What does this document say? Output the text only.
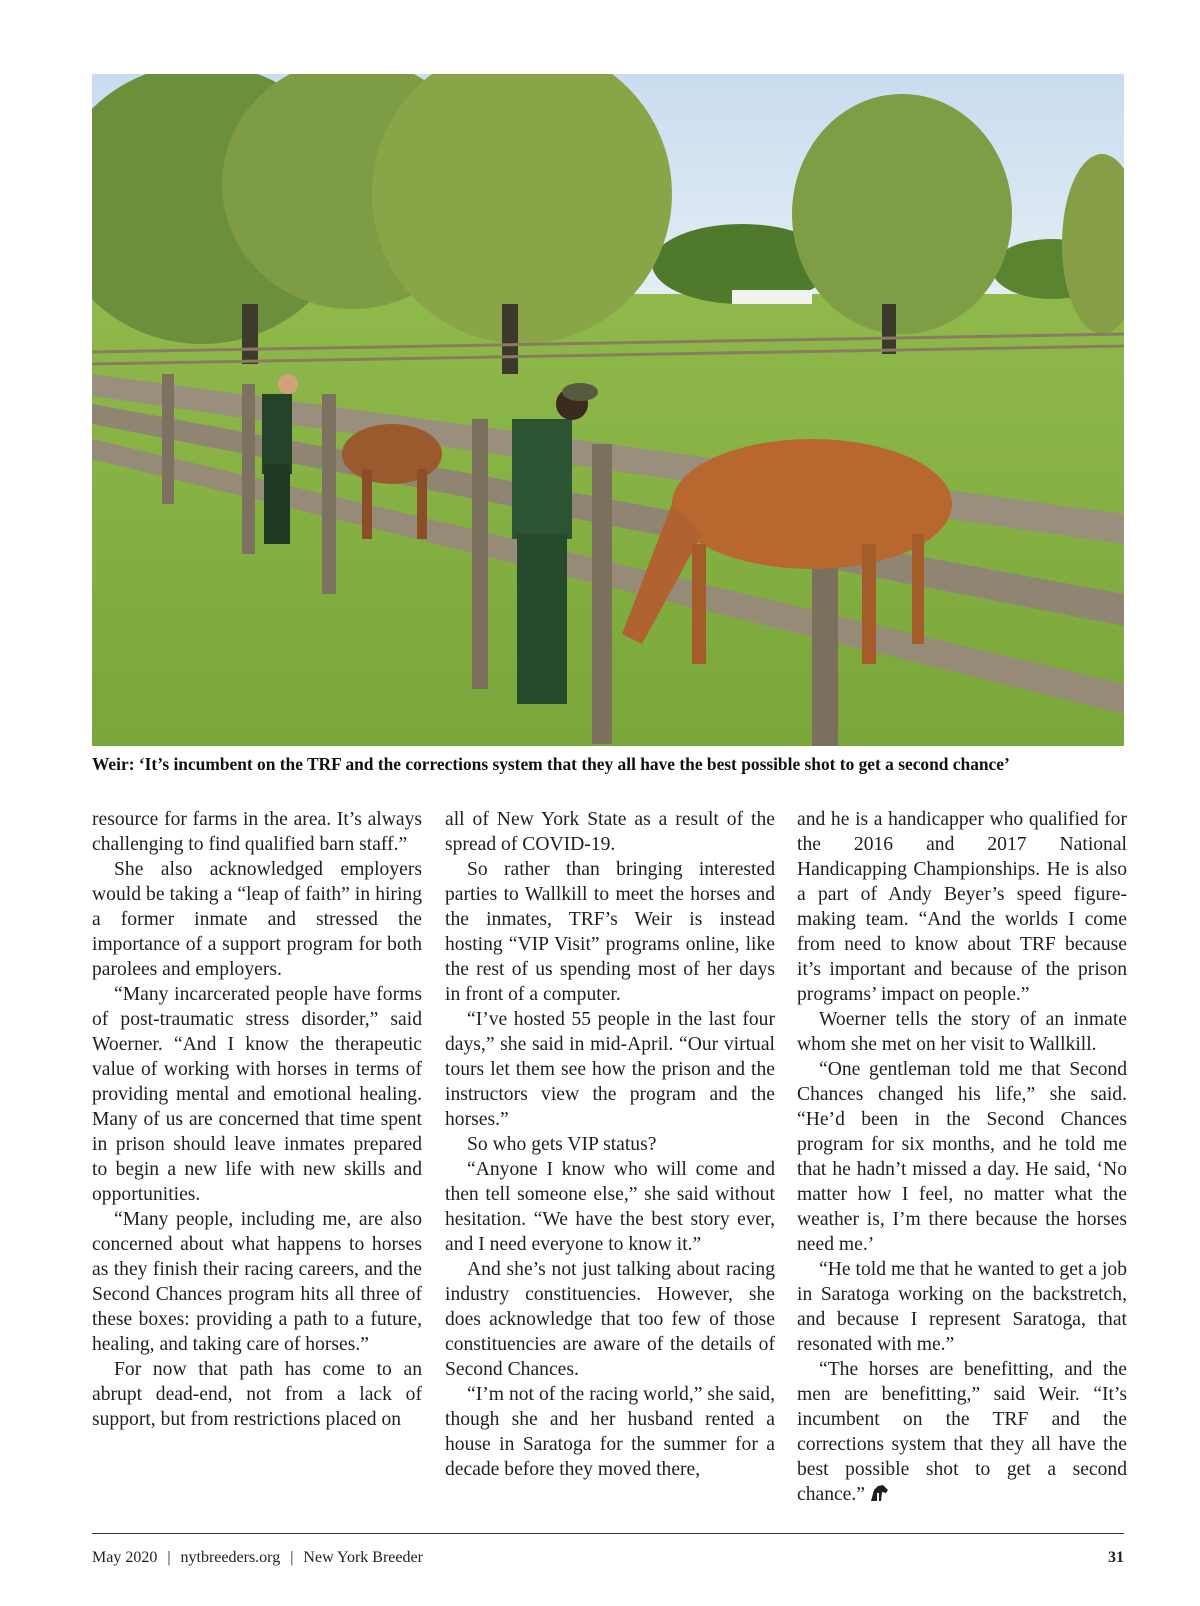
Weir: ‘It’s incumbent on the TRF and the corrections system that they all have the best possible shot to get a second chance’

resource for farms in the area. It’s always challenging to find qualified barn staff.”

She also acknowledged employers would be taking a “leap of faith” in hiring a former inmate and stressed the importance of a support program for both parolees and employers.

“Many incarcerated people have forms of post-traumatic stress disorder,” said Woerner. “And I know the therapeutic value of working with horses in terms of providing mental and emotional healing. Many of us are concerned that time spent in prison should leave inmates prepared to begin a new life with new skills and opportunities.

“Many people, including me, are also concerned about what happens to horses as they finish their racing careers, and the Second Chances program hits all three of these boxes: providing a path to a future, healing, and taking care of horses.”

For now that path has come to an abrupt dead-end, not from a lack of support, but from restrictions placed on

all of New York State as a result of the spread of COVID-19.

So rather than bringing interested parties to Wallkill to meet the horses and the inmates, TRF’s Weir is instead hosting “VIP Visit” programs online, like the rest of us spending most of her days in front of a computer.

“I’ve hosted 55 people in the last four days,” she said in mid-April. “Our virtual tours let them see how the prison and the instructors view the program and the horses.”

So who gets VIP status?

“Anyone I know who will come and then tell someone else,” she said without hesitation. “We have the best story ever, and I need everyone to know it.”

And she’s not just talking about racing industry constituencies. However, she does acknowledge that too few of those constituencies are aware of the details of Second Chances.

“I’m not of the racing world,” she said, though she and her husband rented a house in Saratoga for the summer for a decade before they moved there,

and he is a handicapper who qualified for the 2016 and 2017 National Handicapping Championships. He is also a part of Andy Beyer’s speed figure-making team. “And the worlds I come from need to know about TRF because it’s important and because of the prison programs’ impact on people.”

Woerner tells the story of an inmate whom she met on her visit to Wallkill.

“One gentleman told me that Second Chances changed his life,” she said. “He’d been in the Second Chances program for six months, and he told me that he hadn’t missed a day. He said, ‘No matter how I feel, no matter what the weather is, I’m there because the horses need me.’

“He told me that he wanted to get a job in Saratoga working on the backstretch, and because I represent Saratoga, that resonated with me.”

“The horses are benefitting, and the men are benefitting,” said Weir. “It’s incumbent on the TRF and the corrections system that they all have the best possible shot to get a second chance.”

May 2020 | nytbreeders.org | New York Breeder	31
